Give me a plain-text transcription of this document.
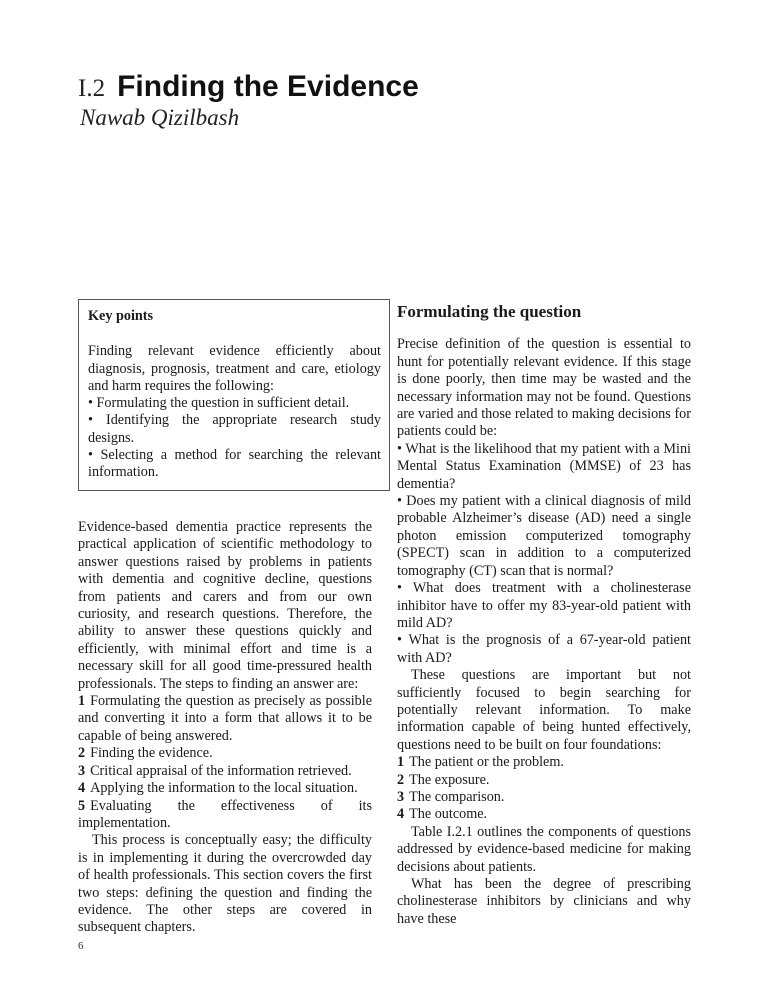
I.2 Finding the Evidence
Nawab Qizilbash
Key points
Finding relevant evidence efficiently about diagnosis, prognosis, treatment and care, etiology and harm requires the following:
• Formulating the question in sufficient detail.
• Identifying the appropriate research study designs.
• Selecting a method for searching the relevant information.

Evidence-based dementia practice represents the practical application of scientific methodology to answer questions raised by problems in patients with dementia and cognitive decline, questions from patients and carers and from our own curiosity, and research questions. Therefore, the ability to answer these questions quickly and efficiently, with minimal effort and time is a necessary skill for all good time-pressured health professionals. The steps to finding an answer are:

1 Formulating the question as precisely as possible and converting it into a form that allows it to be capable of being answered.
2 Finding the evidence.
3 Critical appraisal of the information retrieved.
4 Applying the information to the local situation.
5 Evaluating the effectiveness of its implementation.

This process is conceptually easy; the difficulty is in implementing it during the overcrowded day of health professionals. This section covers the first two steps: defining the question and finding the evidence. The other steps are covered in subsequent chapters.

Formulating the question

Precise definition of the question is essential to hunt for potentially relevant evidence. If this stage is done poorly, then time may be wasted and the necessary information may not be found. Questions are varied and those related to making decisions for patients could be:

• What is the likelihood that my patient with a Mini Mental Status Examination (MMSE) of 23 has dementia?
• Does my patient with a clinical diagnosis of mild probable Alzheimer’s disease (AD) need a single photon emission computerized tomography (SPECT) scan in addition to a computerized tomography (CT) scan that is normal?
• What does treatment with a cholinesterase inhibitor have to offer my 83-year-old patient with mild AD?
• What is the prognosis of a 67-year-old patient with AD?

These questions are important but not sufficiently focused to begin searching for potentially relevant information. To make information capable of being hunted effectively, questions need to be built on four foundations:

1 The patient or the problem.
2 The exposure.
3 The comparison.
4 The outcome.

Table I.2.1 outlines the components of questions addressed by evidence-based medicine for making decisions about patients.

What has been the degree of prescribing cholinesterase inhibitors by clinicians and why have these

6
